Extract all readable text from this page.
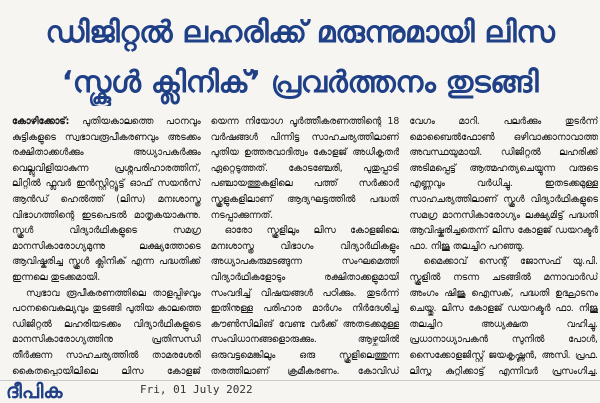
ഡിജിറ്റൽ ലഹരിക്ക് മരുന്നുമായി ലിസ
‘സ്കൂൾ ക്ലിനിക്’ പ്രവർത്തനം തുടങ്ങി

കോഴിക്കോട്: പുതിയകാലത്തെ പഠനവും കുട്ടികളുടെ സ്വഭാവരൂപീകരണവും അടക്കം രക്ഷിതാക്കൾക്കും അധ്യാപകർക്കും വെല്ലുവിളിയാകുന്ന പ്രശ്നപരിഹാരത്തിന്, ലിറ്റിൽ ഫ്ലവർ ഇൻസ്റ്റിറ്റ്യൂട്ട് ഓഫ് സയൻസ് ആൻഡ് ഹെൽത്ത് (ലിസ) മനഃശാസ്ത്ര വിഭാഗത്തിന്റെ ഇടപെടൽ മാതൃകയാകുന്നു. സ്കൂൾ വിദ്യാർഥികളുടെ സമഗ്ര മാനസികാരോഗ്യമുന്നു ലക്ഷ്യത്തോടെ ആവിഷ്കരിച്ച സ്കൂൾ ക്ലിനിക് എന്ന പദ്ധതിക്ക് ഇന്നലെ തുടക്കമായി.

സ്വഭാവ രൂപീകരണത്തിലെ താളപ്പിഴവും പഠനവൈകല്യവും തുടങ്ങി പുതിയ കാലത്തെ ഡിജിറ്റൽ ലഹരിയടക്കം വിദ്യാർഥികളുടെ മാനസികാരോഗ്യത്തിനു പ്രതിസന്ധി തീർക്കുന്ന സാഹചര്യത്തിൽ താമരശേരി കൈതപ്പൊയിലിലെ ലിസ കോളജ്

യെന്ന നിയോഗ പൂർത്തീകരണത്തിന്റെ 18 വർഷങ്ങൾ പിന്നിട്ട സാഹചര്യത്തിലാണ് പുതിയ ഉത്തരവാദിത്വം കോളജ് അധികൃതർ ഏറ്റെടുത്തത്. കോടഞ്ചേരി, പുതുപ്പാടി പഞ്ചായത്തുകളിലെ പത്ത് സർക്കാർ സ്കൂളുകളിലാണ് ആദ്യഘട്ടത്തിൽ പദ്ധതി നടപ്പാക്കുന്നത്.

ഓരോ സ്കൂളിലും ലിസ കോളജിലെ മനഃശാസ്ത്ര വിഭാഗം വിദ്യാർഥികളും അധ്യാപകരുമടങ്ങുന്ന സംഘമെത്തി വിദ്യാർഥികളോടും രക്ഷിതാക്കളുമായി സംവദിച്ച് വിഷയങ്ങൾ പഠിക്കും. തുടർന്ന് ഇതിനുള്ള പരിഹാര മാർഗം നിർദേശിച്ച് കൗൺസിലിങ് വേണ്ട വർക്ക് അതടക്കമുള്ള സംവിധാനങ്ങളൊരുക്കും. ആഴ്ചയിൽ ഒരുവട്ടമെങ്കിലും ഒരു സ്കൂളിലെത്തുന്ന തരത്തിലാണ് ക്രമീകരണം. കോവിഡ്

വേഗം മാറി. പലർക്കും തുടർന്ന് മൊബൈൽഫോൺ ഒഴിവാക്കാനാവാത്ത അവസ്ഥയുമായി. ഡിജിറ്റൽ ലഹരിക്ക് അടിമപ്പെട്ട് ആത്മഹത്യചെയ്യുന്ന വരുടെ എണ്ണവും വർധിച്ചു. ഇതടക്കമുള്ള സാഹചര്യത്തിലാണ് സ്കൂൾ വിദ്യാർഥികളുടെ സമഗ്ര മാനസികാരോഗ്യം ലക്ഷ്യമിട്ട് പദ്ധതി ആവിഷ്കരിച്ചതെന്ന് ലിസ കോളജ് ഡയറക്ടർ ഫാ. നിജു തലച്ചിറ പറഞ്ഞു.

മൈക്കാവ് സെന്റ് ജോസഫ് യു.പി. സ്കൂളിൽ നടന്ന ചടങ്ങിൽ മന്നാവാർഡ് അംഗം ഷിജു ഐസക്, പദ്ധതി ഉദ്ഘാടനം ചെയ്തു. ലിസ കോളജ് ഡയറക്ടർ ഫാ. നിജു തലച്ചിറ അധ്യക്ഷത വഹിച്ചു. പ്രധാനാധ്യാപകൻ സുനിൽ പോൾ, സൈക്കോളജിസ്റ്റ് ജയകൃഷ്ണൻ, അസി. പ്രഫ. ലിസ്ന കുറ്റിക്കാട്ട് എന്നിവർ പ്രസംഗിച്ചു.

ദീപിക	Fri, 01 July 2022
